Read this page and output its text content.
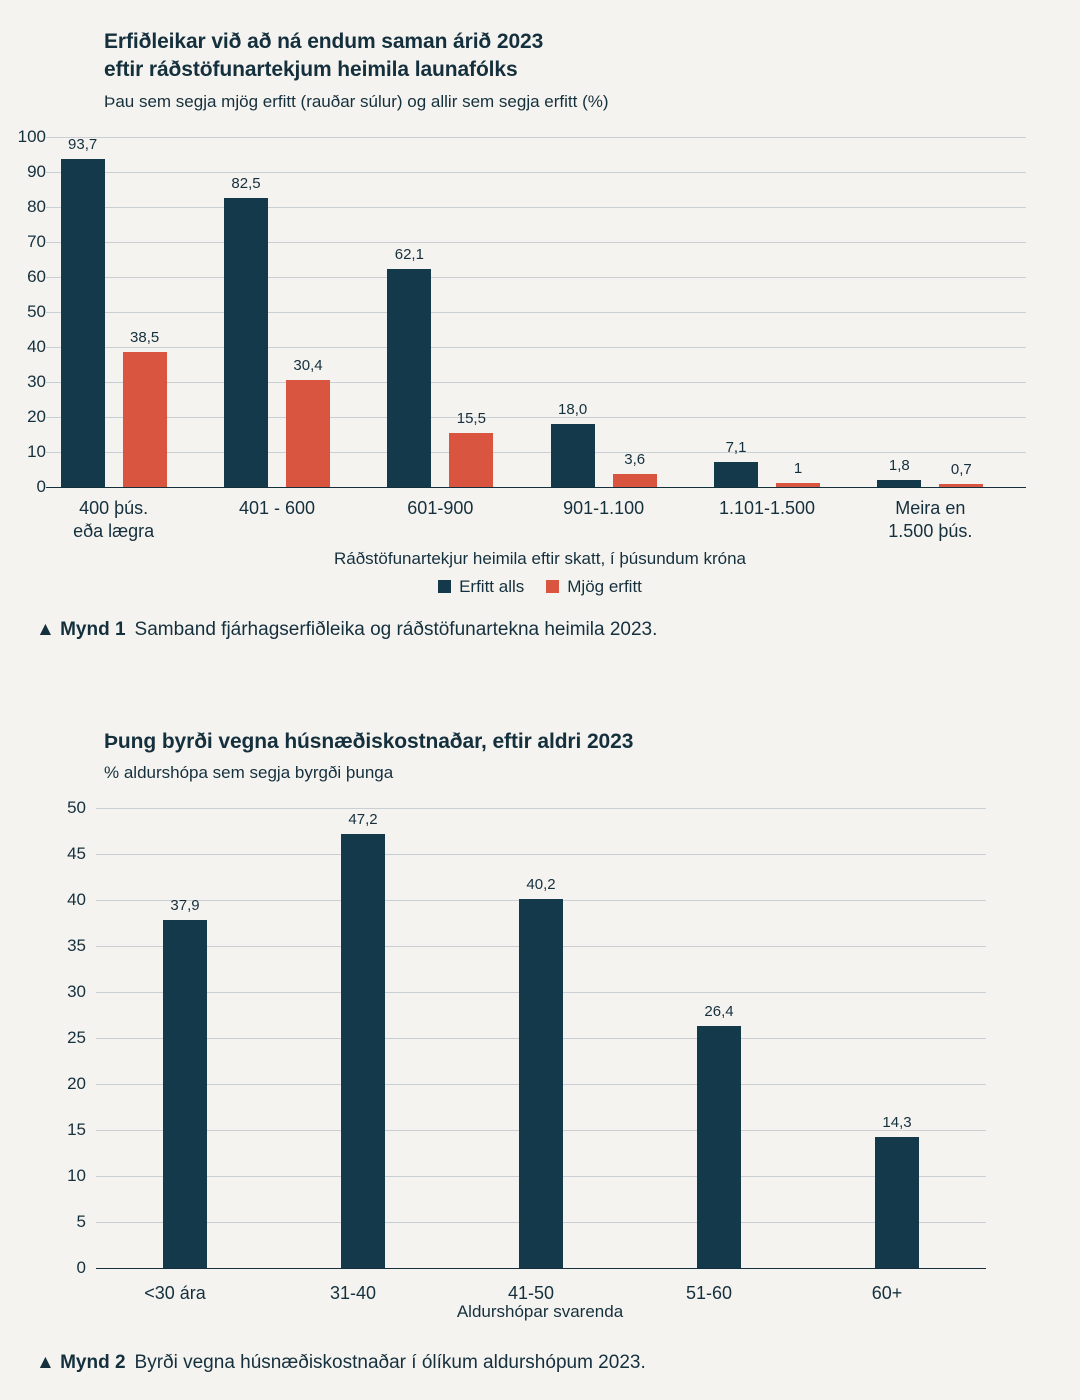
Erfiðleikar við að ná endum saman árið 2023
eftir ráðstöfunartekjum heimila launafólks
Þau sem segja mjög erfitt (rauðar súlur) og allir sem segja erfitt (%)
93,7
82,5
62,1
18,0
7,1
1,8
38,5
30,4
15,5
3,6
1	0,7
0
10
20
30
40
50
60
70
80
90
100
400 þús.
eða lægra
401 - 600	601-900	901-1.100	1.101-1.500	Meira en
1.500 þús.
Ráðstöfunartekjur heimila eftir skatt, í þúsundum króna
Erfitt alls	Mjög erfitt
▲ Mynd 1 Samband fjárhagserfiðleika og ráðstöfunartekna heimila 2023.
Þung byrði vegna húsnæðiskostnaðar, eftir aldri 2023
% aldurshópa sem segja byrgði þunga
37,9
47,2
40,2
26,4
14,3
0
5
10
15
20
25
30
35
40
45
50
<30 ára	31-40	41-50	51-60	60+
Aldurshópar svarenda
▲ Mynd 2 Byrði vegna húsnæðiskostnaðar í ólíkum aldurshópum 2023.
